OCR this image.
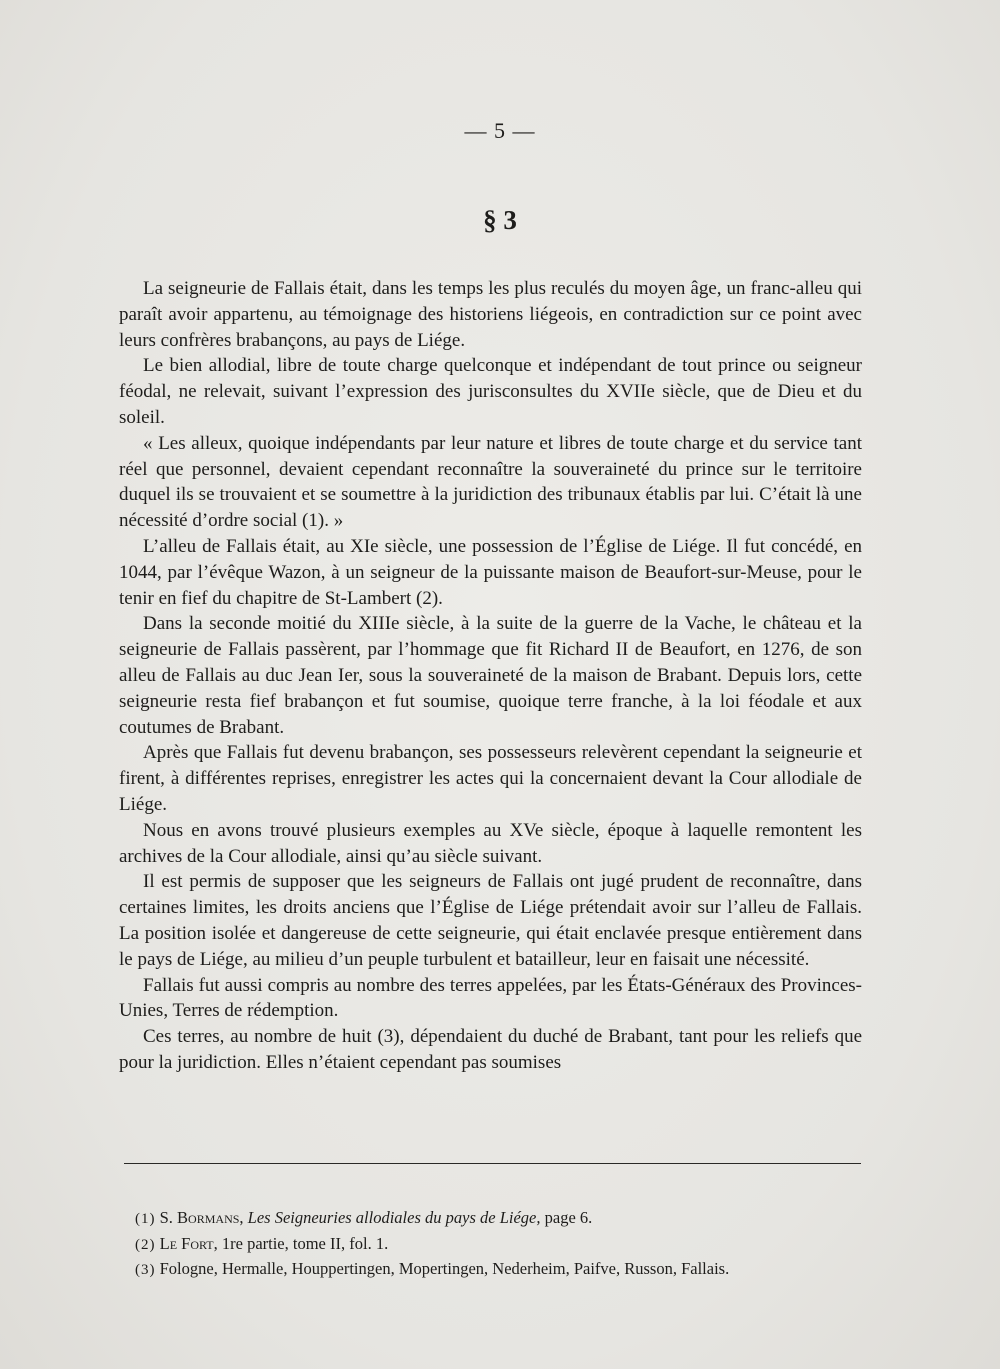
— 5 —
§ 3

La seigneurie de Fallais était, dans les temps les plus reculés du moyen âge, un franc-alleu qui paraît avoir appartenu, au témoignage des historiens liégeois, en contradiction sur ce point avec leurs confrères brabançons, au pays de Liége.

Le bien allodial, libre de toute charge quelconque et indépendant de tout prince ou seigneur féodal, ne relevait, suivant l’expression des jurisconsultes du XVIIe siècle, que de Dieu et du soleil.

« Les alleux, quoique indépendants par leur nature et libres de toute charge et du service tant réel que personnel, devaient cependant reconnaître la souveraineté du prince sur le territoire duquel ils se trouvaient et se soumettre à la juridiction des tribunaux établis par lui. C’était là une nécessité d’ordre social (1). »

L’alleu de Fallais était, au XIe siècle, une possession de l’Église de Liége. Il fut concédé, en 1044, par l’évêque Wazon, à un seigneur de la puissante maison de Beaufort-sur-Meuse, pour le tenir en fief du chapitre de St-Lambert (2).

Dans la seconde moitié du XIIIe siècle, à la suite de la guerre de la Vache, le château et la seigneurie de Fallais passèrent, par l’hommage que fit Richard II de Beaufort, en 1276, de son alleu de Fallais au duc Jean Ier, sous la souveraineté de la maison de Brabant. Depuis lors, cette seigneurie resta fief brabançon et fut soumise, quoique terre franche, à la loi féodale et aux coutumes de Brabant.

Après que Fallais fut devenu brabançon, ses possesseurs relevèrent cependant la seigneurie et firent, à différentes reprises, enregistrer les actes qui la concernaient devant la Cour allodiale de Liége.

Nous en avons trouvé plusieurs exemples au XVe siècle, époque à laquelle remontent les archives de la Cour allodiale, ainsi qu’au siècle suivant.

Il est permis de supposer que les seigneurs de Fallais ont jugé prudent de reconnaître, dans certaines limites, les droits anciens que l’Église de Liége prétendait avoir sur l’alleu de Fallais. La position isolée et dangereuse de cette seigneurie, qui était enclavée presque entièrement dans le pays de Liége, au milieu d’un peuple turbulent et batailleur, leur en faisait une nécessité.

Fallais fut aussi compris au nombre des terres appelées, par les États-Généraux des Provinces-Unies, Terres de rédemption.

Ces terres, au nombre de huit (3), dépendaient du duché de Brabant, tant pour les reliefs que pour la juridiction. Elles n’étaient cependant pas soumises

(1) S. Bormans, Les Seigneuries allodiales du pays de Liége, page 6.
(2) Le Fort, 1re partie, tome II, fol. 1.
(3) Fologne, Hermalle, Houppertingen, Mopertingen, Nederheim, Paifve, Russon, Fallais.
